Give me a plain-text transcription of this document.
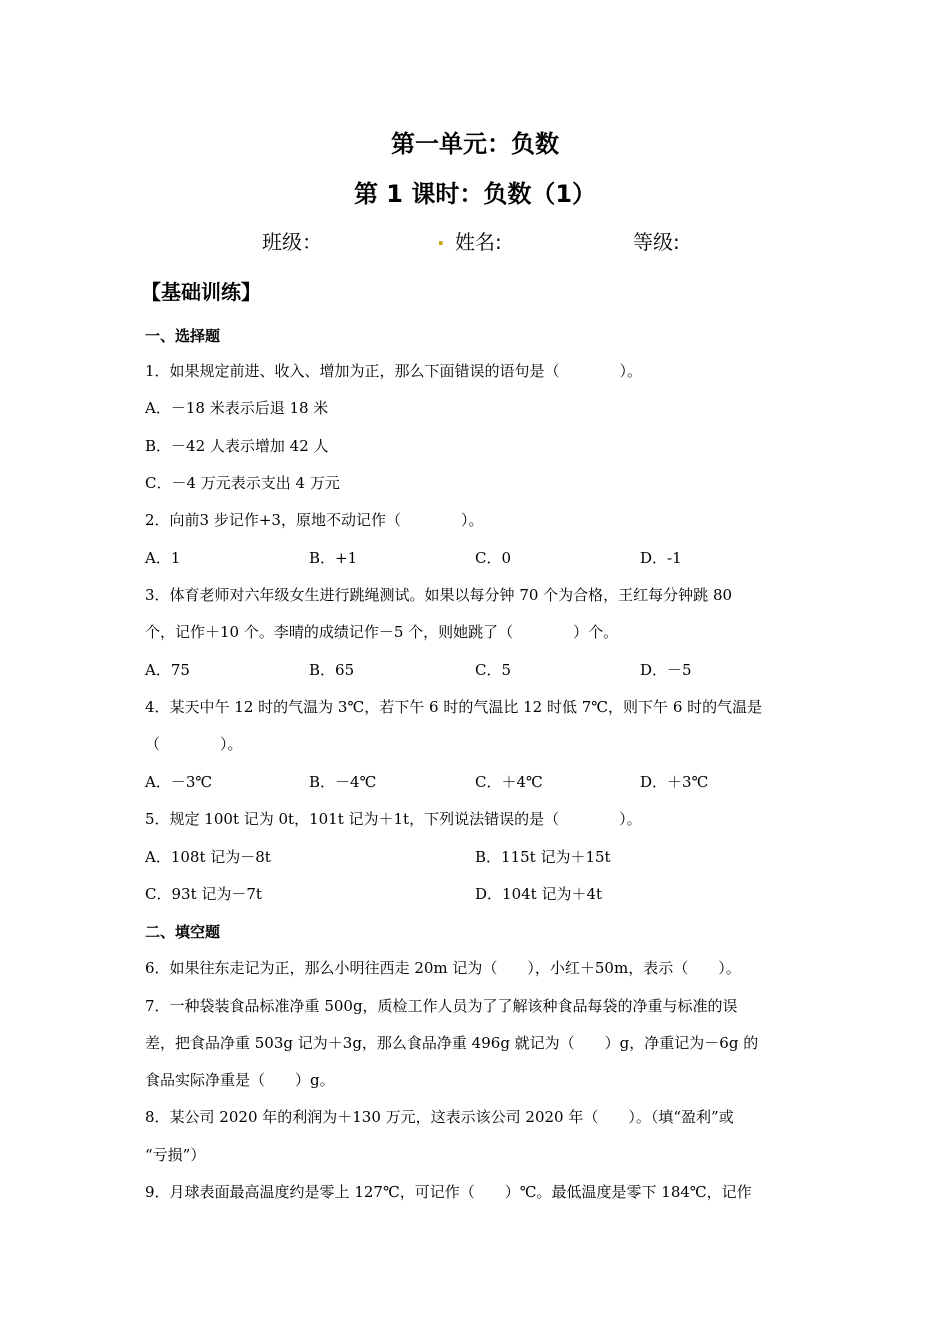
第一单元：负数
第 1 课时：负数（1）
班级：	. 姓名:	等级:
【基础训练】
一、选择题
1．如果规定前进、收入、增加为正，那么下面错误的语句是（　　　　）。
A．－18 米表示后退 18 米
B．－42 人表示增加 42 人
C．－4 万元表示支出 4 万元
2．向前3 步记作+3，原地不动记作（　　　　）。
A．1	B．+1	C．0	D．-1
3．体育老师对六年级女生进行跳绳测试。如果以每分钟 70 个为合格，王红每分钟跳 80
个，记作＋10 个。李晴的成绩记作－5 个，则她跳了（　　　　）个。
A．75	B．65	C．5	D．－5
4．某天中午 12 时的气温为 3℃，若下午 6 时的气温比 12 时低 7℃，则下午 6 时的气温是
（　　　　）。
A．－3℃	B．－4℃	C．＋4℃	D．＋3℃
5．规定 100t 记为 0t，101t 记为＋1t，下列说法错误的是（　　　　）。
A．108t 记为－8t	B．115t 记为＋15t
C．93t 记为－7t	D．104t 记为＋4t
二、填空题
6．如果往东走记为正，那么小明往西走 20m 记为（　　），小红＋50m，表示（　　）。
7．一种袋装食品标准净重 500g，质检工作人员为了了解该种食品每袋的净重与标准的误
差，把食品净重 503g 记为＋3g，那么食品净重 496g 就记为（　　）g，净重记为－6g 的
食品实际净重是（　　）g。
8．某公司 2020 年的利润为＋130 万元，这表示该公司 2020 年（　　）。（填“盈利”或
“亏损”）
9．月球表面最高温度约是零上 127℃，可记作（　　）℃。最低温度是零下 184℃，记作
